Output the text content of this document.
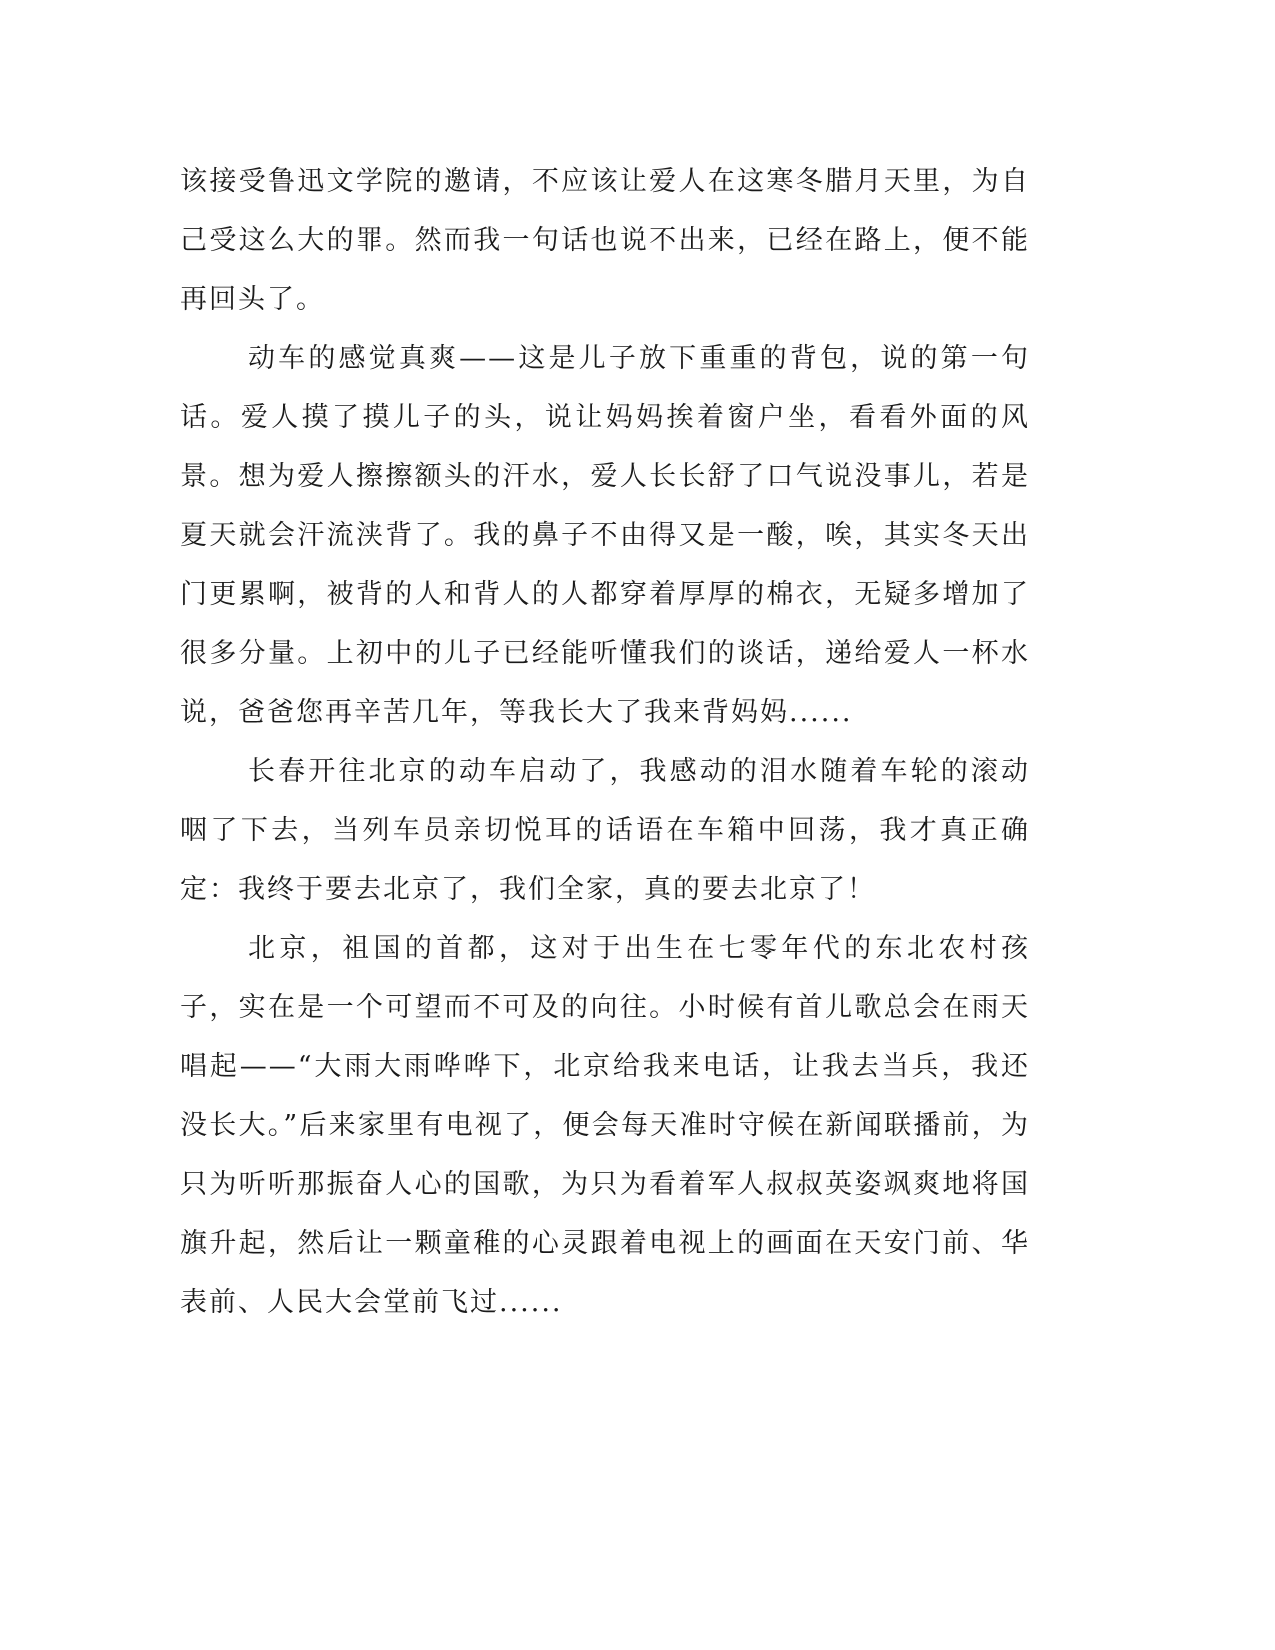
该接受鲁迅文学院的邀请，不应该让爱人在这寒冬腊月天里，为自己受这么大的罪。然而我一句话也说不出来，已经在路上，便不能再回头了。

动车的感觉真爽——这是儿子放下重重的背包，说的第一句话。爱人摸了摸儿子的头，说让妈妈挨着窗户坐，看看外面的风景。想为爱人擦擦额头的汗水，爱人长长舒了口气说没事儿，若是夏天就会汗流浃背了。我的鼻子不由得又是一酸，唉，其实冬天出门更累啊，被背的人和背人的人都穿着厚厚的棉衣，无疑多增加了很多分量。上初中的儿子已经能听懂我们的谈话，递给爱人一杯水说，爸爸您再辛苦几年，等我长大了我来背妈妈......

长春开往北京的动车启动了，我感动的泪水随着车轮的滚动咽了下去，当列车员亲切悦耳的话语在车箱中回荡，我才真正确定：我终于要去北京了，我们全家，真的要去北京了！

北京，祖国的首都，这对于出生在七零年代的东北农村孩子，实在是一个可望而不可及的向往。小时候有首儿歌总会在雨天唱起——“大雨大雨哗哗下，北京给我来电话，让我去当兵，我还没长大。”后来家里有电视了，便会每天准时守候在新闻联播前，为只为听听那振奋人心的国歌，为只为看着军人叔叔英姿飒爽地将国旗升起，然后让一颗童稚的心灵跟着电视上的画面在天安门前、华表前、人民大会堂前飞过......
